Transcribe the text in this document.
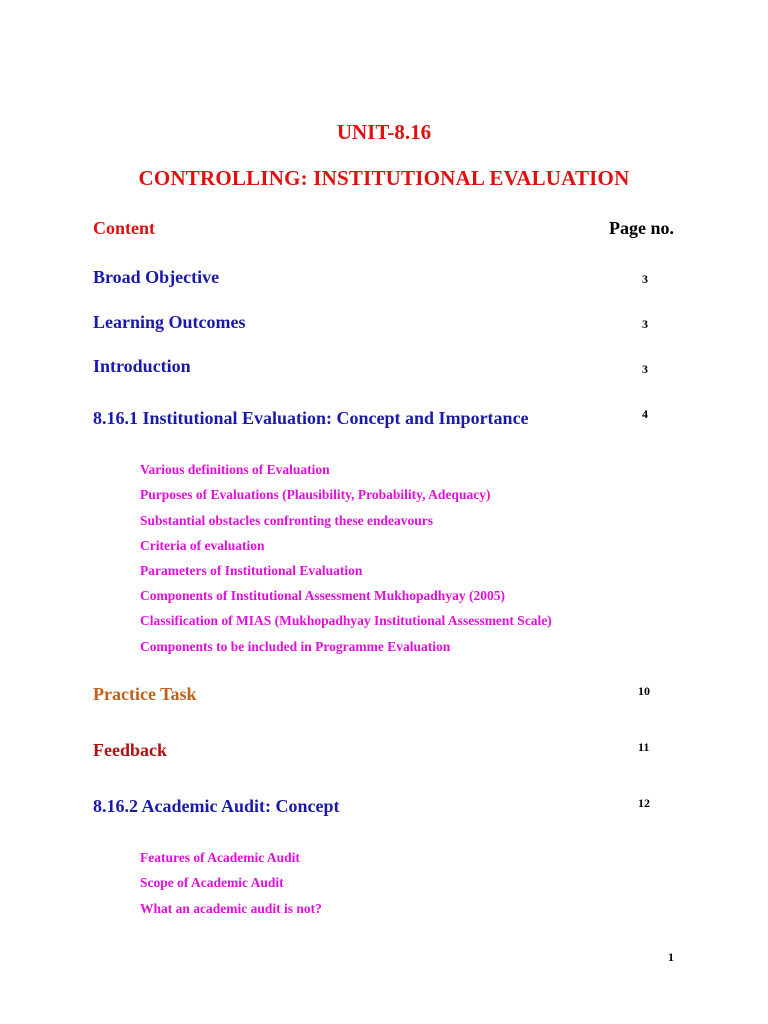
UNIT-8.16
CONTROLLING: INSTITUTIONAL EVALUATION
Content	Page no.
Broad Objective	3
Learning Outcomes	3
Introduction	3
8.16.1 Institutional Evaluation: Concept and Importance	4
Various definitions of Evaluation
Purposes of Evaluations (Plausibility, Probability, Adequacy)
Substantial obstacles confronting these endeavours
Criteria of evaluation
Parameters of Institutional Evaluation
Components of Institutional Assessment Mukhopadhyay (2005)
Classification of MIAS (Mukhopadhyay Institutional Assessment Scale)
Components to be included in Programme Evaluation
Practice Task	10
Feedback	11
8.16.2 Academic Audit: Concept	12
Features of Academic Audit
Scope of Academic Audit
What an academic audit is not?
1
